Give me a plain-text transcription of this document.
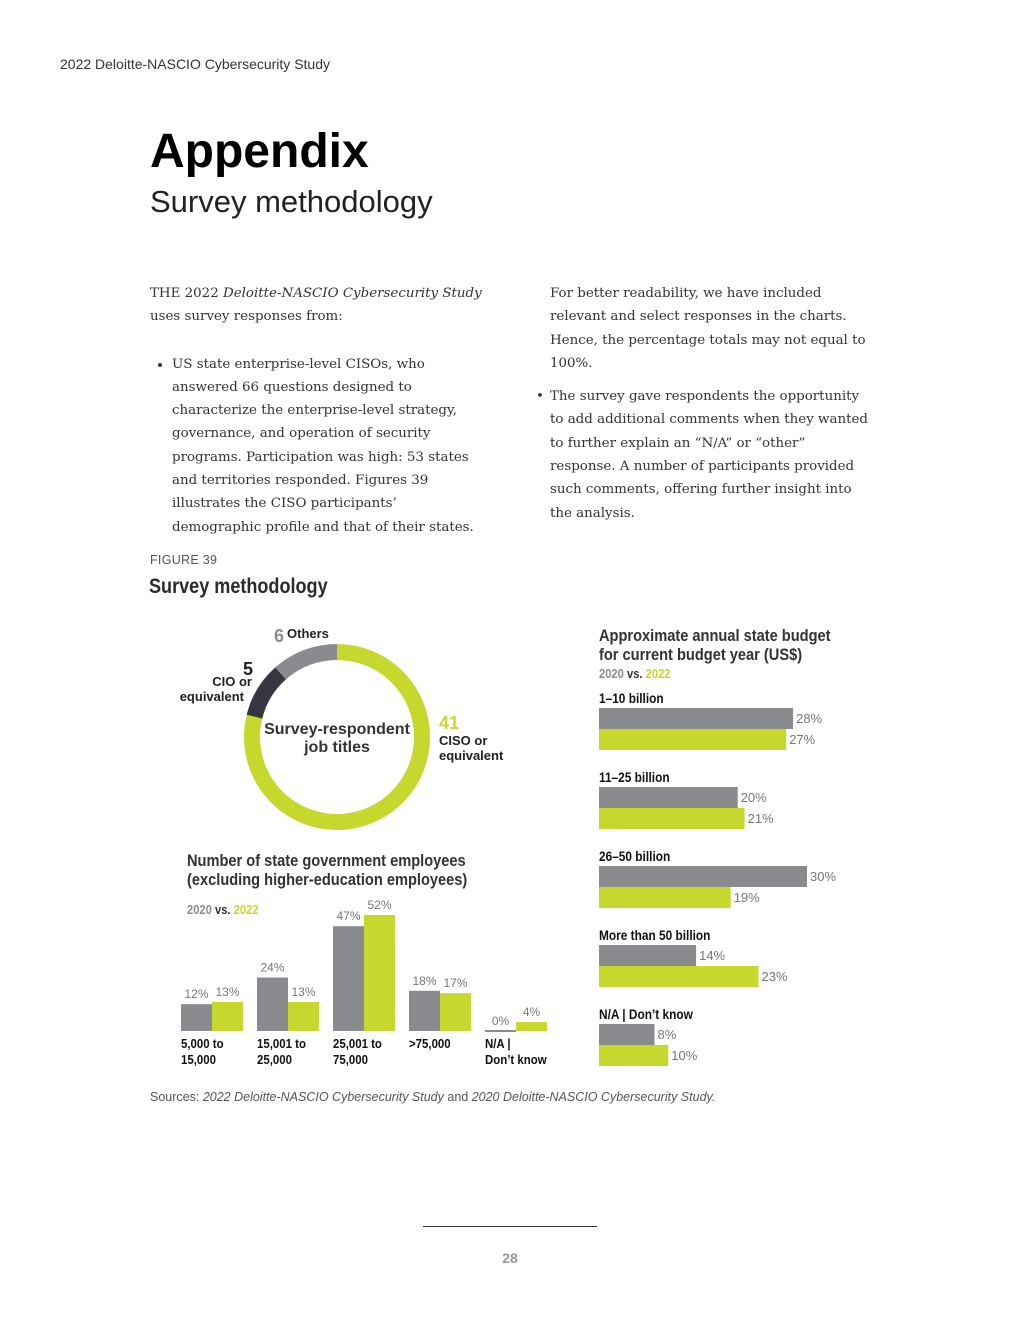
2022 Deloitte-NASCIO Cybersecurity Study
Appendix
Survey methodology

THE 2022 Deloitte-NASCIO Cybersecurity Study uses survey responses from:

• US state enterprise-level CISOs, who answered 66 questions designed to characterize the enterprise-level strategy, governance, and operation of security programs. Participation was high: 53 states and territories responded. Figures 39 illustrates the CISO participants’ demographic profile and that of their states.

For better readability, we have included relevant and select responses in the charts. Hence, the percentage totals may not equal to 100%.

• The survey gave respondents the opportunity to add additional comments when they wanted to further explain an “N/A” or “other” response. A number of participants provided such comments, offering further insight into the analysis.
FIGURE 39
Survey methodology
Survey-respondent
job titles
41
CISO or
equivalent
5
CIO or
equivalent
6 Others
Number of state government employees
(excluding higher-education employees)
2020 vs. 2022
12% 13%
5,000 to
15,000
24%
13%
15,001 to
25,000
47%
52%
25,001 to
75,000
18% 17%
>75,000
0%
4%
N/A |
Don’t know
Approximate annual state budget
for current budget year (US$)
2020 vs. 2022
1–10 billion
28%
27%
11–25 billion
20%
21%
26–50 billion
30%
19%
More than 50 billion
14%
23%
N/A | Don’t know
8%
10%
Sources: 2022 Deloitte-NASCIO Cybersecurity Study and 2020 Deloitte-NASCIO Cybersecurity Study.
28
